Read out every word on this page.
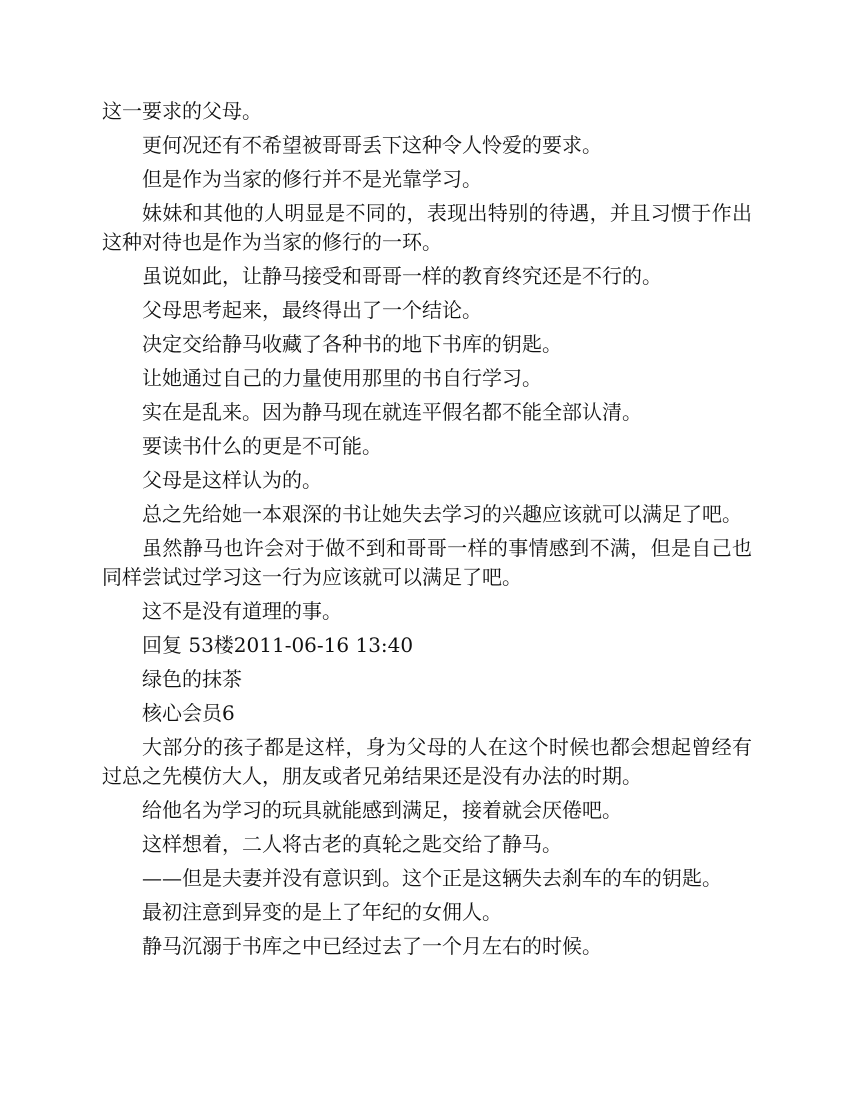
这一要求的父母。

更何况还有不希望被哥哥丢下这种令人怜爱的要求。

但是作为当家的修行并不是光靠学习。

妹妹和其他的人明显是不同的，表现出特别的待遇，并且习惯于作出这种对待也是作为当家的修行的一环。

虽说如此，让静马接受和哥哥一样的教育终究还是不行的。

父母思考起来，最终得出了一个结论。

决定交给静马收藏了各种书的地下书库的钥匙。

让她通过自己的力量使用那里的书自行学习。

实在是乱来。因为静马现在就连平假名都不能全部认清。

要读书什么的更是不可能。

父母是这样认为的。

总之先给她一本艰深的书让她失去学习的兴趣应该就可以满足了吧。

虽然静马也许会对于做不到和哥哥一样的事情感到不满，但是自己也同样尝试过学习这一行为应该就可以满足了吧。

这不是没有道理的事。

回复 53楼2011-06-16 13:40

绿色的抹茶

核心会员6

大部分的孩子都是这样，身为父母的人在这个时候也都会想起曾经有过总之先模仿大人，朋友或者兄弟结果还是没有办法的时期。

给他名为学习的玩具就能感到满足，接着就会厌倦吧。

这样想着，二人将古老的真轮之匙交给了静马。

——但是夫妻并没有意识到。这个正是这辆失去刹车的车的钥匙。

最初注意到异变的是上了年纪的女佣人。

静马沉溺于书库之中已经过去了一个月左右的时候。
